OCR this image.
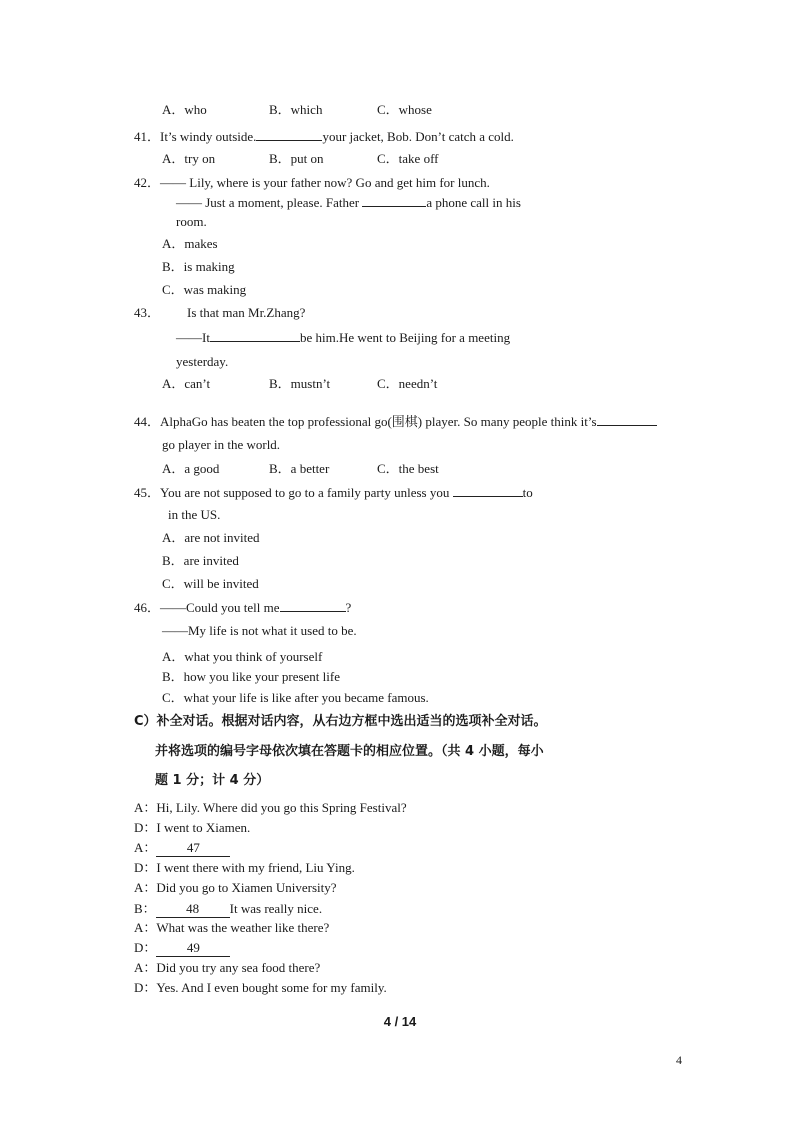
A．who	B．which	C．whose
41．It’s windy outside.	your jacket, Bob. Don’t catch a cold.
A．try on	B．put on	C．take off
42．—— Lily, where is your father now? Go and get him for lunch.
—— Just a moment, please. Father	a phone call in his
room.
A．makes
B．is making
C．was making
43． Is that man Mr.Zhang?
——It	be him.He went to Beijing for a meeting
yesterday.
A．can’t	B．mustn’t	C．needn’t
44．AlphaGo has beaten the top professional go(围棋) player. So many people think it’s
go player in the world.
A．a good	B．a better	C．the best
45．You are not supposed to go to a family party unless you	to
in the US.
A．are not invited
B．are invited
C．will be invited
46．——Could you tell me	?
——My life is not what it used to be.
A．what you think of yourself
B．how you like your present life
C．what your life is like after you became famous.
C）补全对话。根据对话内容，从右边方框中选出适当的选项补全对话。
并将选项的编号字母依次填在答题卡的相应位置。（共 4 小题，每小
题 1 分；计 4 分）
A：Hi, Lily. Where did you go this Spring Festival?
D：I went to Xiamen.
A： 47
D：I went there with my friend, Liu Ying.
A：Did you go to Xiamen University?
B： 48 It was really nice.
A：What was the weather like there?
D： 49
A：Did you try any sea food there?
D：Yes. And I even bought some for my family.
4 / 14
4
